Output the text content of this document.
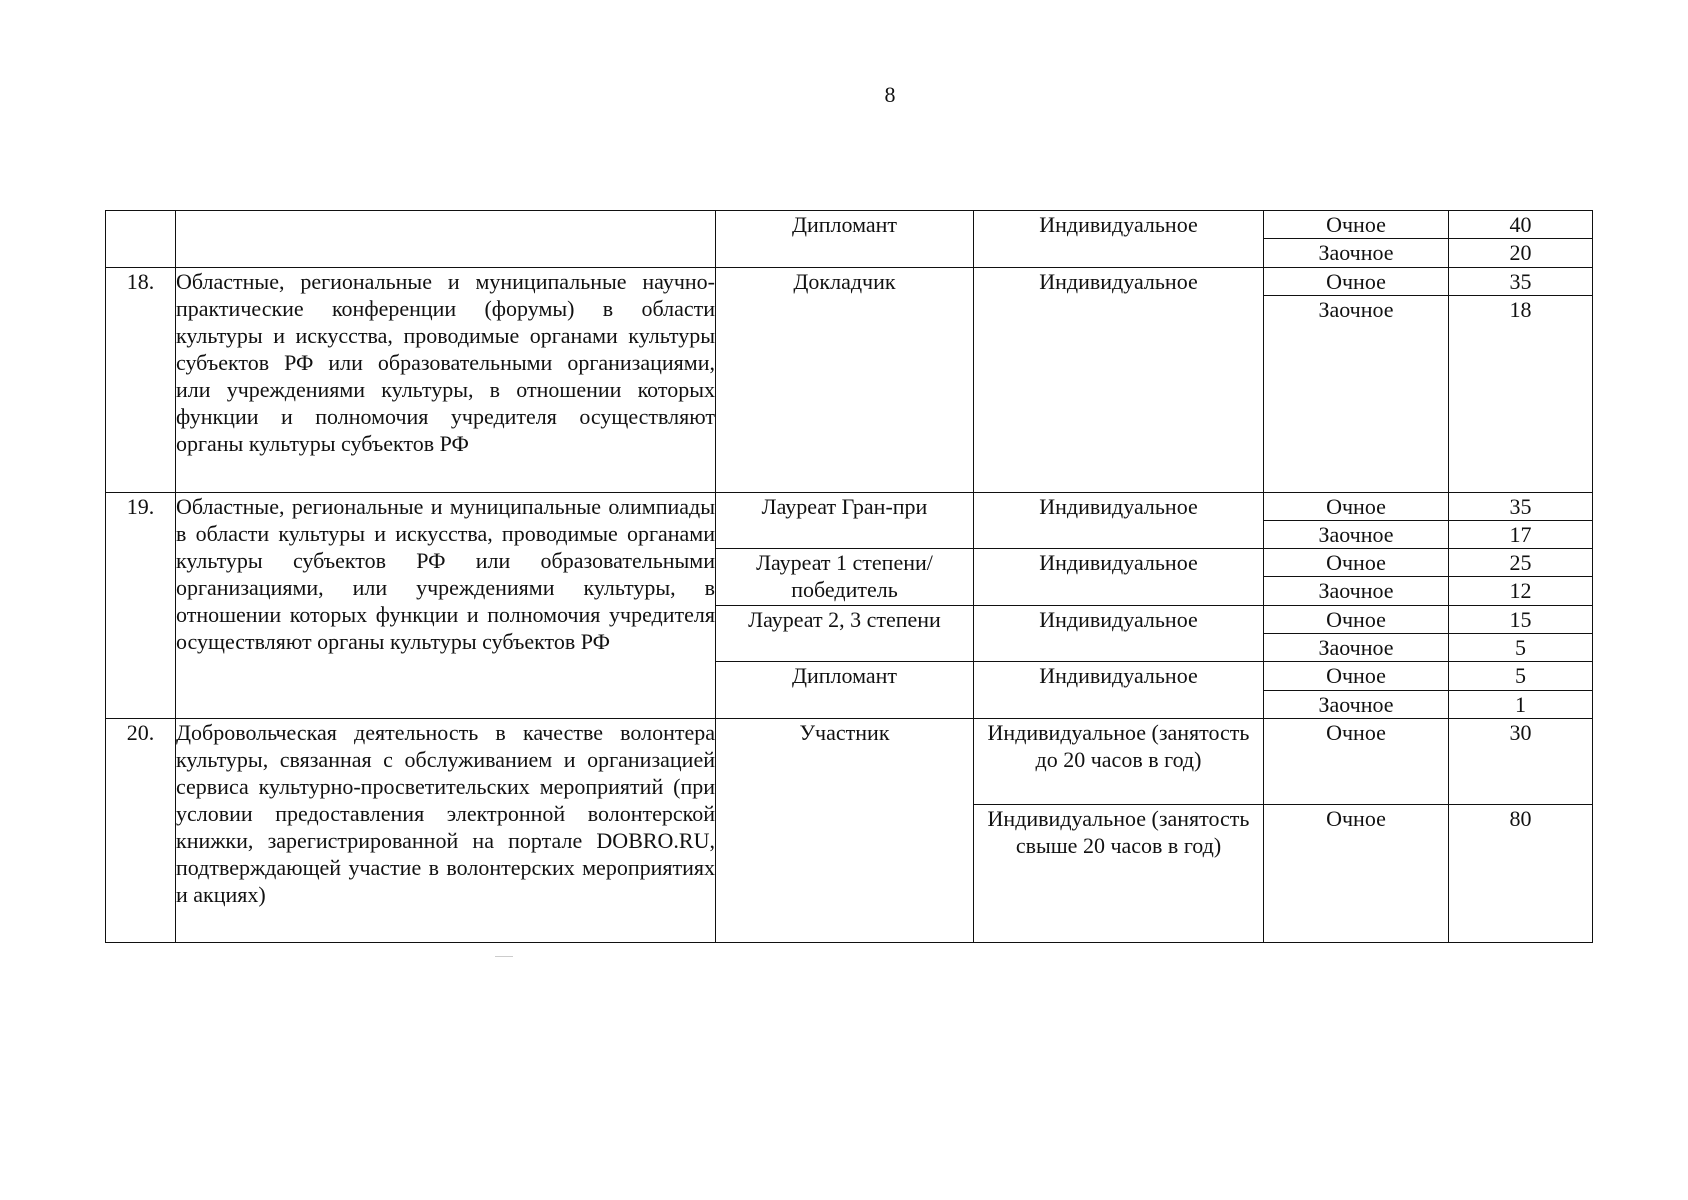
8
		Дипломант	Индивидуальное	Очное	40
				Заочное	20
18.	Областные, региональные и муниципальные научно-практические конференции (форумы) в области культуры и искусства, проводимые органами культуры субъектов РФ или образовательными организациями, или учреждениями культуры, в отношении которых функции и полномочия учредителя осуществляют органы культуры субъектов РФ	Докладчик	Индивидуальное	Очное	35
				Заочное	18
19.	Областные, региональные и муниципальные олимпиады в области культуры и искусства, проводимые органами культуры субъектов РФ или образовательными организациями, или учреждениями культуры, в отношении которых функции и полномочия учредителя осуществляют органы культуры субъектов РФ	Лауреат Гран-при	Индивидуальное	Очное	35
				Заочное	17
		Лауреат 1 степени/ победитель	Индивидуальное	Очное	25
				Заочное	12
		Лауреат 2, 3 степени	Индивидуальное	Очное	15
				Заочное	5
		Дипломант	Индивидуальное	Очное	5
				Заочное	1
20.	Добровольческая деятельность в качестве волонтера культуры, связанная с обслуживанием и организацией сервиса культурно-просветительских мероприятий (при условии предоставления электронной волонтерской книжки, зарегистрированной на портале DOBRO.RU, подтверждающей участие в волонтерских мероприятиях и акциях)	Участник	Индивидуальное (занятость до 20 часов в год)	Очное	30
			Индивидуальное (занятость свыше 20 часов в год)	Очное	80
